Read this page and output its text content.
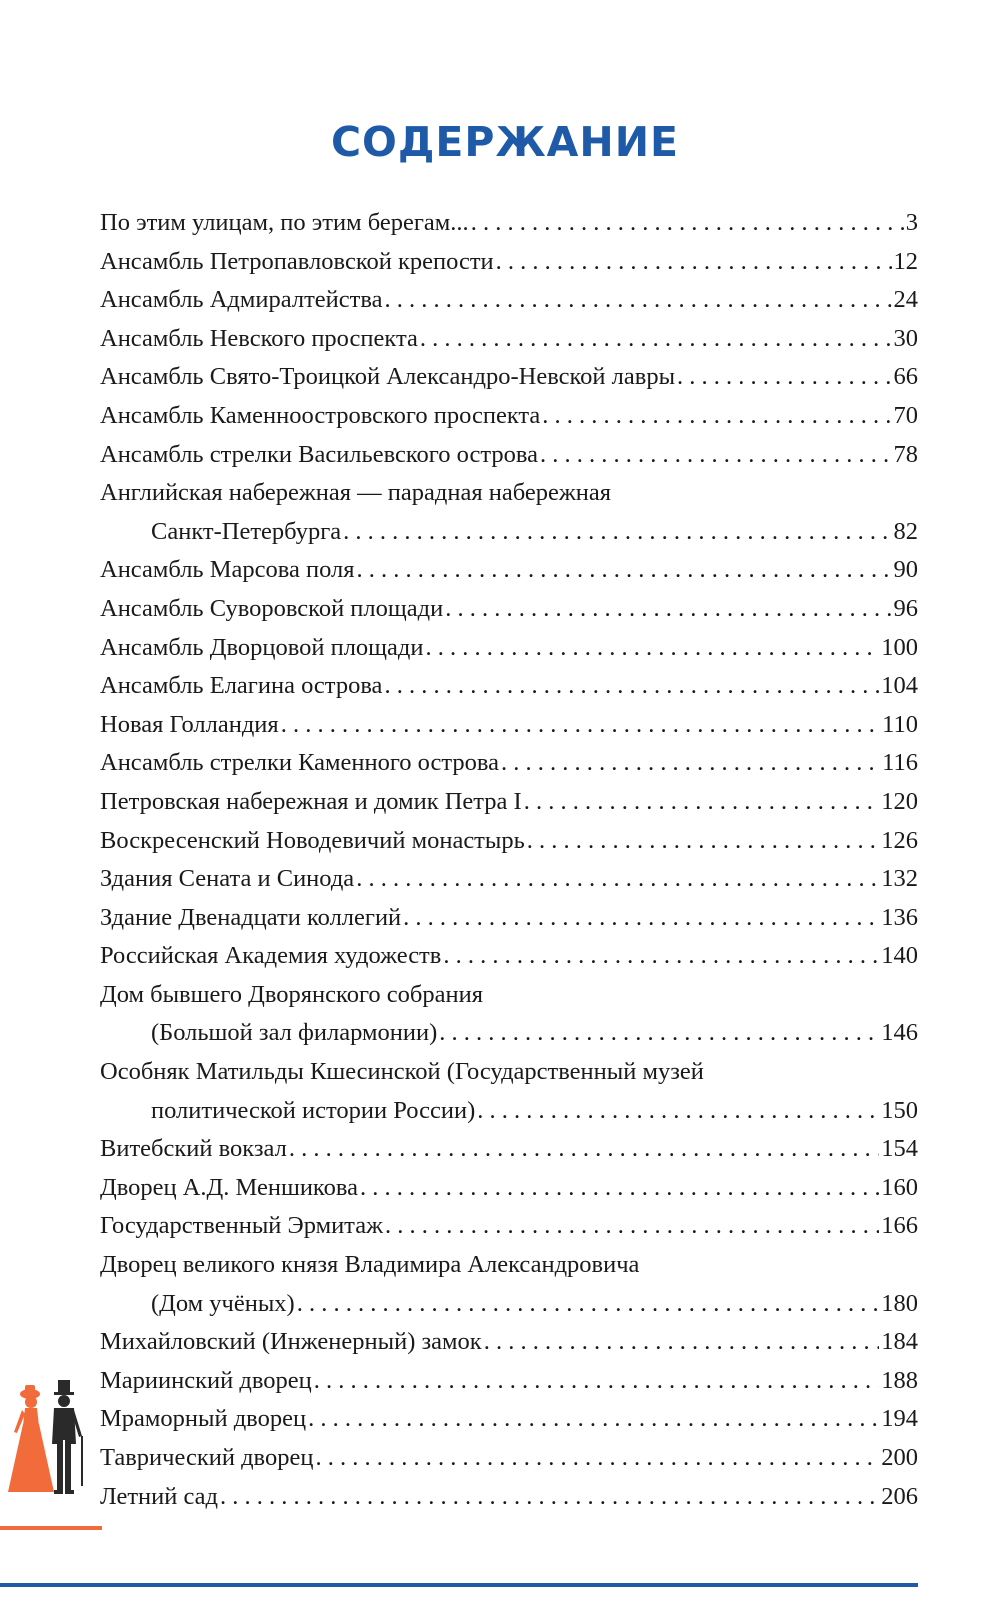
СОДЕРЖАНИЕ
По этим улицам, по этим берегам... . . .	3
Ансамбль Петропавловской крепости . . .	12
Ансамбль Адмиралтейства . . .	24
Ансамбль Невского проспекта . . .	30
Ансамбль Свято-Троицкой Александро-Невской лавры . . .	66
Ансамбль Каменноостровского проспекта . . .	70
Ансамбль стрелки Васильевского острова . . .	78
Английская набережная — парадная набережная
Санкт-Петербурга . . .	82
Ансамбль Марсова поля . . .	90
Ансамбль Суворовской площади . . .	96
Ансамбль Дворцовой площади . . .	100
Ансамбль Елагина острова . . .	104
Новая Голландия . . .	110
Ансамбль стрелки Каменного острова . . .	116
Петровская набережная и домик Петра I . . .	120
Воскресенский Новодевичий монастырь . . .	126
Здания Сената и Синода . . .	132
Здание Двенадцати коллегий . . .	136
Российская Академия художеств . . .	140
Дом бывшего Дворянского собрания
(Большой зал филармонии) . . .	146
Особняк Матильды Кшесинской (Государственный музей
политической истории России) . . .	150
Витебский вокзал . . .	154
Дворец А.Д. Меншикова . . .	160
Государственный Эрмитаж . . .	166
Дворец великого князя Владимира Александровича
(Дом учёных) . . .	180
Михайловский (Инженерный) замок . . .	184
Мариинский дворец . . .	188
Мраморный дворец . . .	194
Таврический дворец . . .	200
Летний сад . . .	206
